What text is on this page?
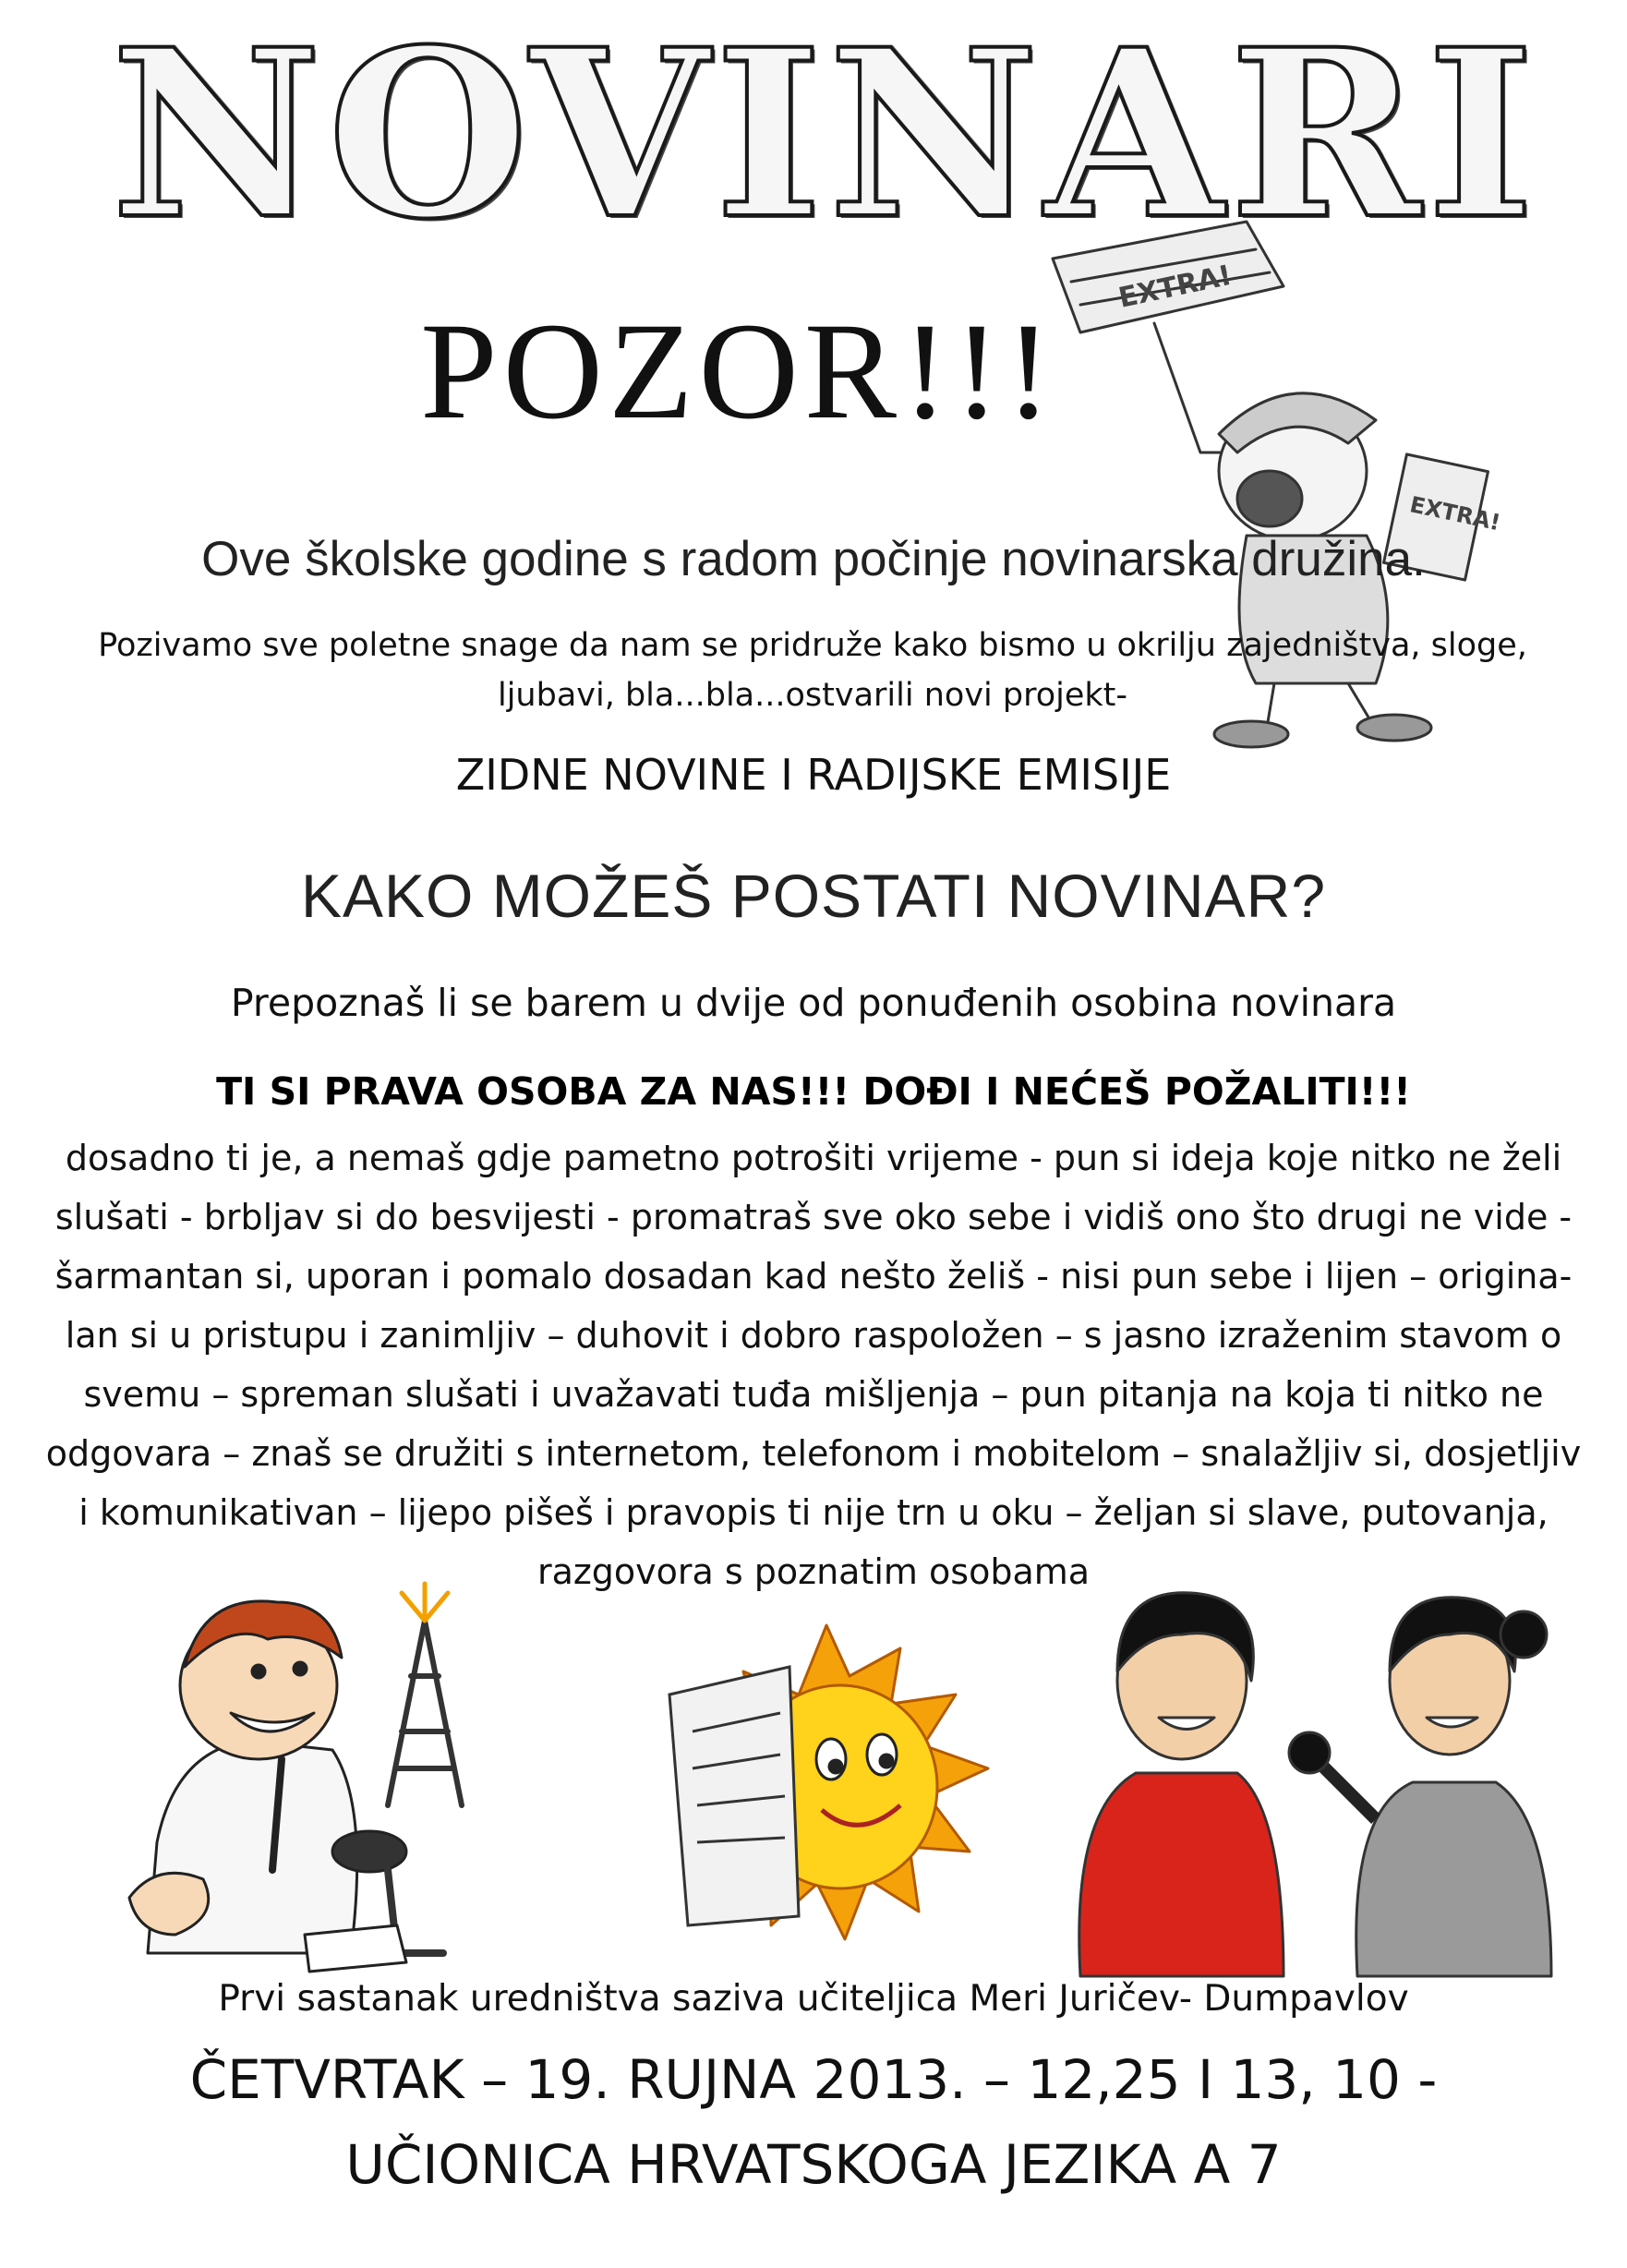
EXTRA!
EXTRA!
NOVINARI
POZOR!!!
Ove školske godine s radom počinje novinarska družina.
Pozivamo sve poletne snage da nam se pridruže kako bismo u okrilju zajedništva, sloge,
ljubavi, bla...bla...ostvarili novi projekt-
ZIDNE NOVINE I RADIJSKE EMISIJE
KAKO MOŽEŠ POSTATI NOVINAR?
Prepoznaš li se barem u dvije od ponuđenih osobina novinara
TI SI PRAVA OSOBA ZA NAS!!! DOĐI I NEĆEŠ POŽALITI!!!
dosadno ti je, a nemaš gdje pametno potrošiti vrijeme - pun si ideja koje nitko ne želi
slušati - brbljav si do besvijesti - promatraš sve oko sebe i vidiš ono što drugi ne vide -
šarmantan si, uporan i pomalo dosadan kad nešto želiš - nisi pun sebe i lijen – origina-
lan si u pristupu i zanimljiv – duhovit i dobro raspoložen – s jasno izraženim stavom o
svemu – spreman slušati i uvažavati tuđa mišljenja – pun pitanja na koja ti nitko ne
odgovara – znaš se družiti s internetom, telefonom i mobitelom – snalažljiv si, dosjetljiv
i komunikativan – lijepo pišeš i pravopis ti nije trn u oku – željan si slave, putovanja,
razgovora s poznatim osobama
Prvi sastanak uredništva saziva učiteljica Meri Juričev- Dumpavlov
ČETVRTAK – 19. RUJNA 2013. – 12,25 I 13, 10 -
UČIONICA HRVATSKOGA JEZIKA A 7
